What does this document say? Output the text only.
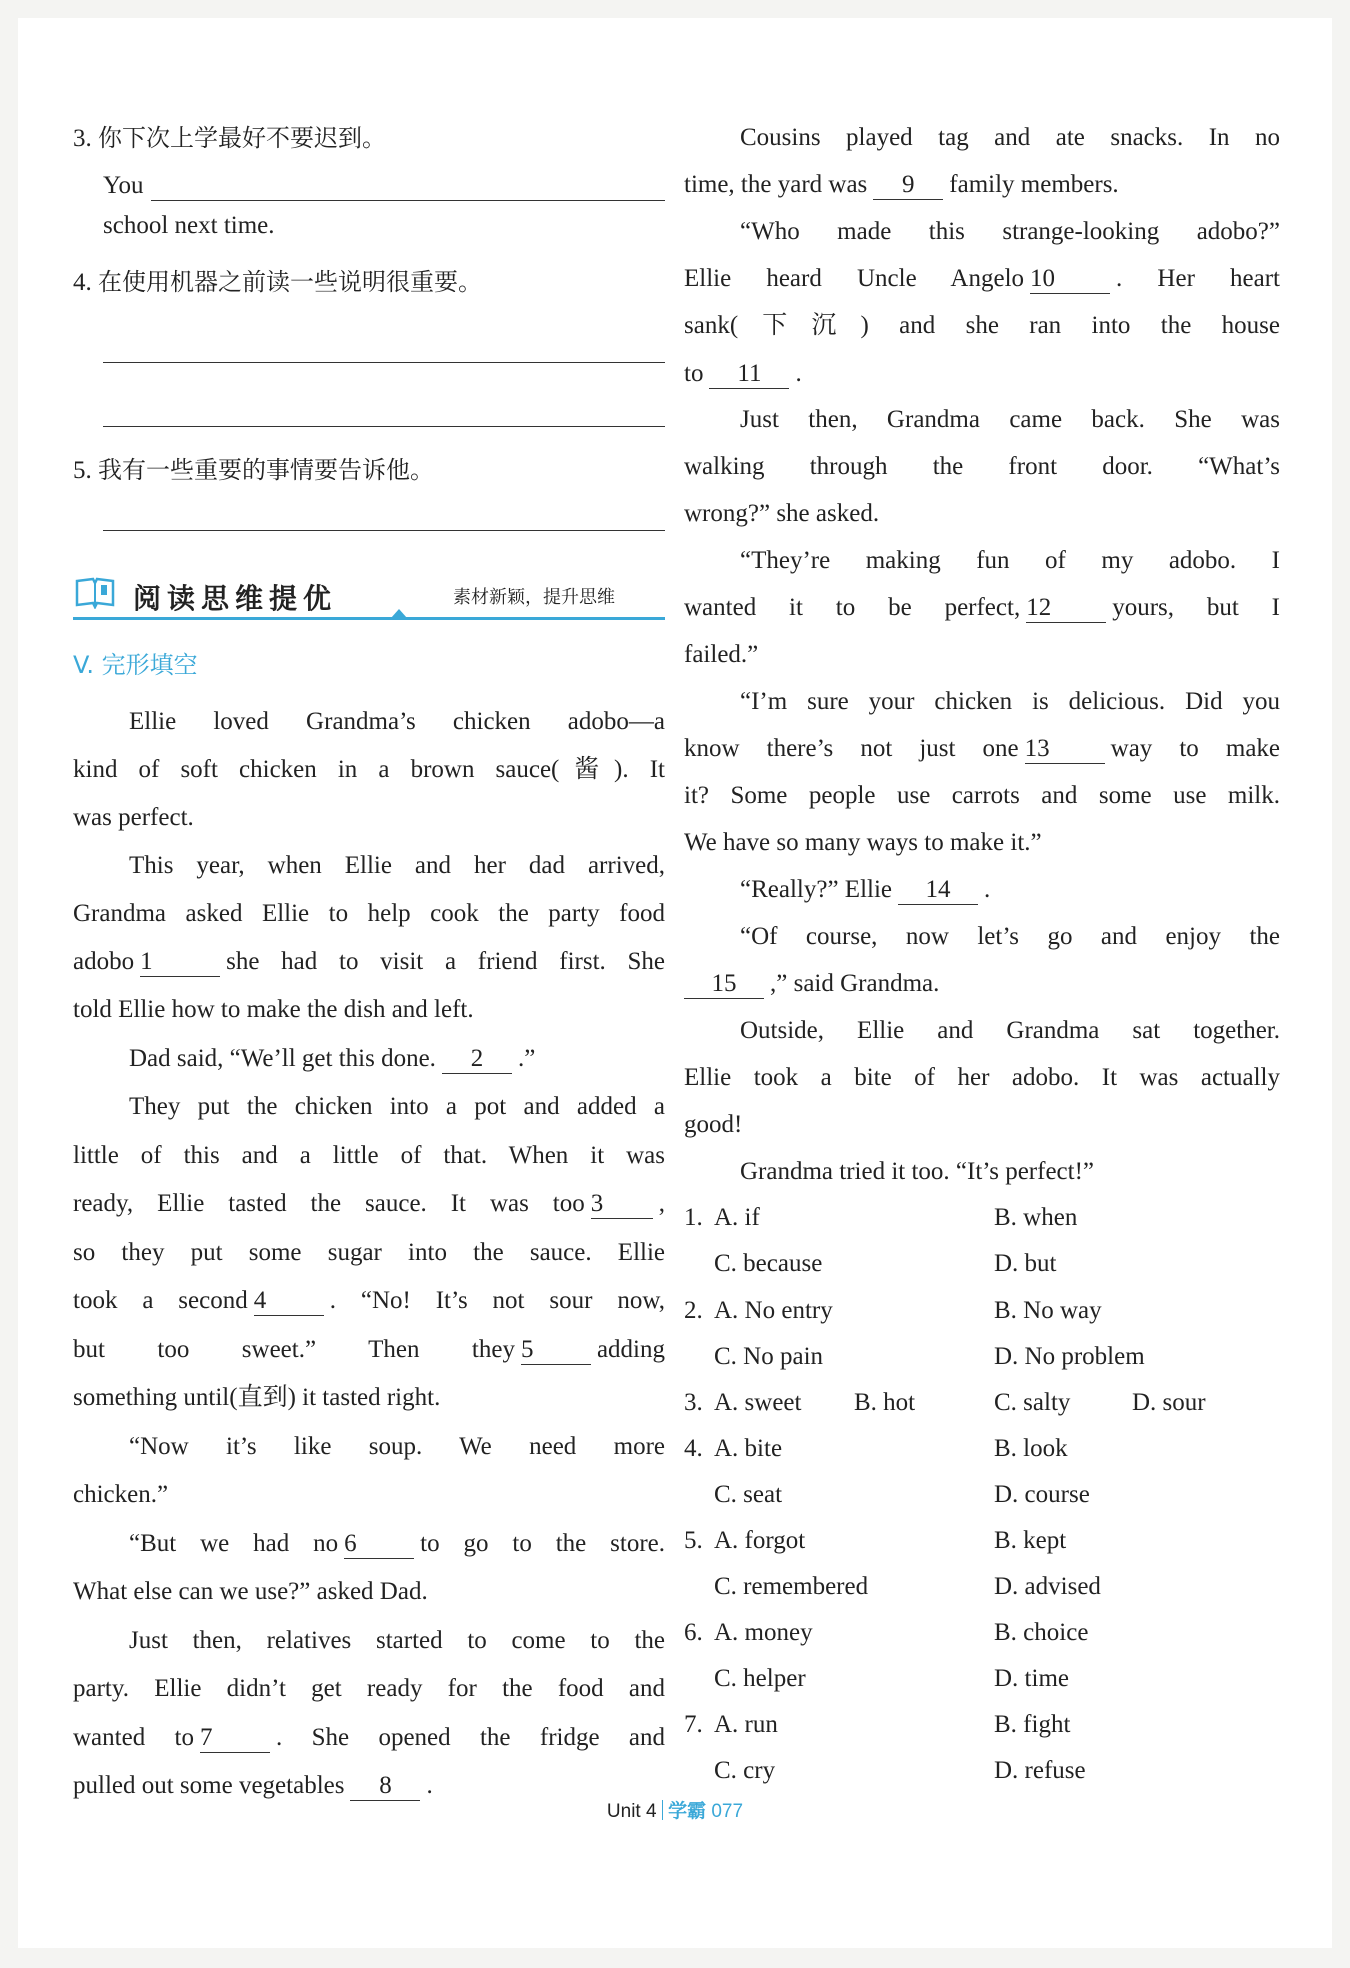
3. 你下次上学最好不要迟到。
You
school next time.
4. 在使用机器之前读一些说明很重要。
5. 我有一些重要的事情要告诉他。
阅读思维提优	素材新颖，提升思维
V. 完形填空
Ellie loved Grandma’s chicken adobo—a
kind of soft chicken in a brown sauce(酱). It
was perfect.
This year, when Ellie and her dad arrived,
Grandma asked Ellie to help cook the party food
adobo 1	she had to visit a friend first. She
told Ellie how to make the dish and left.
Dad said, “We’ll get this done. 2 .”
They put the chicken into a pot and added a
little of this and a little of that. When it was
ready, Ellie tasted the sauce. It was too 3 ,
so they put some sugar into the sauce. Ellie
took a second 4	. “No! It’s not sour now,
but too sweet.” Then they 5	adding
something until(直到) it tasted right.
“Now it’s like soup. We need more
chicken.”
“But we had no 6	to go to the store.
What else can we use?” asked Dad.
Just then, relatives started to come to the
party. Ellie didn’t get ready for the food and
wanted to 7	. She opened the fridge and
pulled out some vegetables 8 .
Cousins played tag and ate snacks. In no
time, the yard was 9 family members.
“Who made this strange-looking adobo?”
Ellie heard Uncle Angelo 10 . Her heart
sank(下沉) and she ran into the house
to 11 .
Just then, Grandma came back. She was
walking through the front door. “What’s
wrong?” she asked.
“They’re making fun of my adobo. I
wanted it to be perfect, 12 yours, but I
failed.”
“I’m sure your chicken is delicious. Did you
know there’s not just one 13 way to make
it? Some people use carrots and some use milk.
We have so many ways to make it.”
“Really?” Ellie 14 .
“Of course, now let’s go and enjoy the
15 ,” said Grandma.
Outside, Ellie and Grandma sat together.
Ellie took a bite of her adobo. It was actually
good!
Grandma tried it too. “It’s perfect!”
1. A. if	B. when
C. because	D. but
2. A. No entry	B. No way
C. No pain	D. No problem
3. A. sweet B. hot	C. salty D. sour
4. A. bite	B. look
C. seat	D. course
5. A. forgot	B. kept
C. remembered	D. advised
6. A. money	B. choice
C. helper	D. time
7. A. run	B. fight
C. cry	D. refuse
Unit 4 学霸 077
